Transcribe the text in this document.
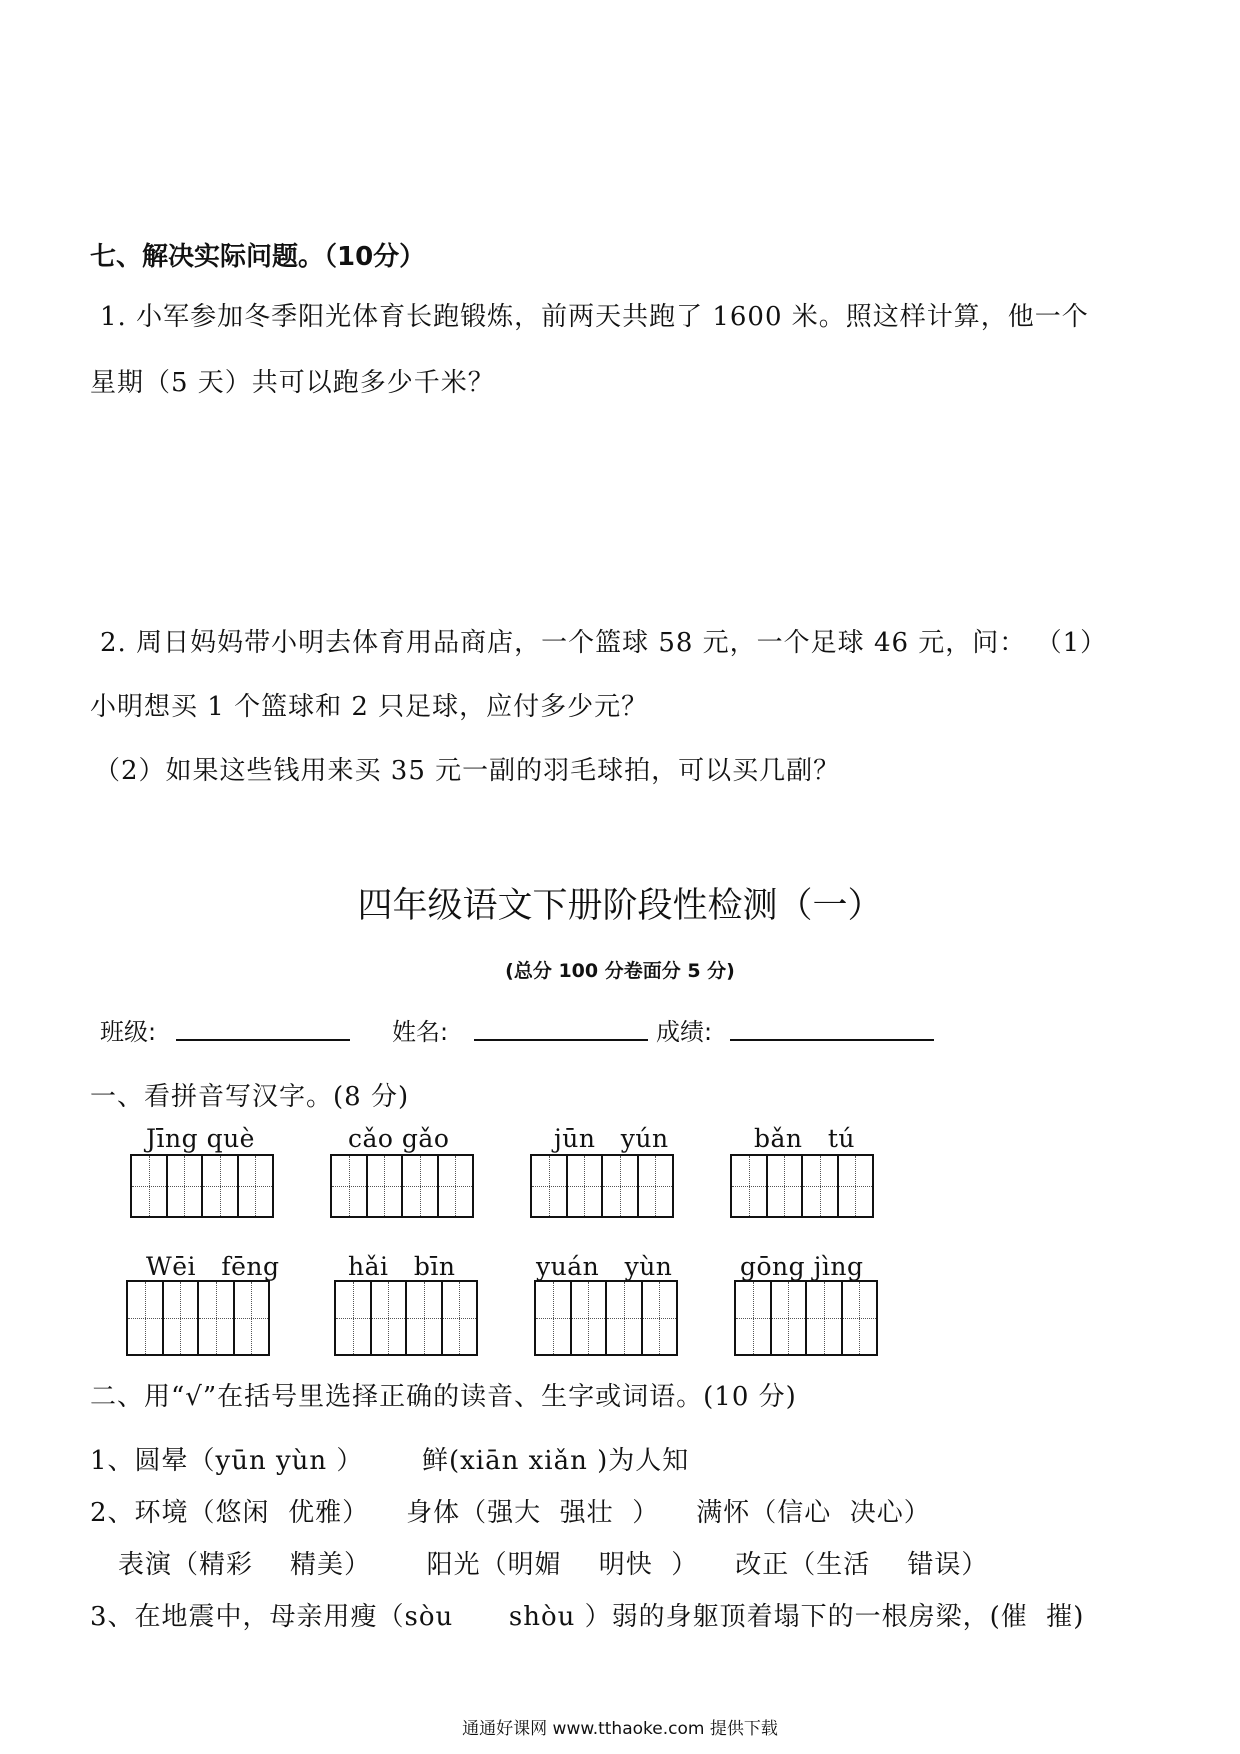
七、解决实际问题。（10分）
1. 小军参加冬季阳光体育长跑锻炼，前两天共跑了 1600 米。照这样计算，他一个
星期（5 天）共可以跑多少千米？
2. 周日妈妈带小明去体育用品商店，一个篮球 58 元，一个足球 46 元，问： （1）
小明想买 1 个篮球和 2 只足球，应付多少元？
（2）如果这些钱用来买 35 元一副的羽毛球拍，可以买几副？
四年级语文下册阶段性检测（一）
(总分 100 分卷面分 5 分)
班级:	姓名:	成绩:
一、看拼音写汉字。(8 分)
Jīng què	cǎo gǎo	jūn   yún	bǎn   tú
Wēi   fēng	hǎi   bīn	yuán   yùn	gōng jìng
二、用“√”在括号里选择正确的读音、生字或词语。(10 分)
1、圆晕（yūn yùn ） 鲜(xiān xiǎn )为人知
2、环境（悠闲  优雅）    身体（强大  强壮  ）    满怀（信心  决心）
表演（精彩    精美）      阳光（明媚    明快  ）    改正（生活    错误）
3、在地震中，母亲用瘦（sòu      shòu ）弱的身躯顶着塌下的一根房梁，(催  摧)
通通好课网 www.tthaoke.com 提供下载
